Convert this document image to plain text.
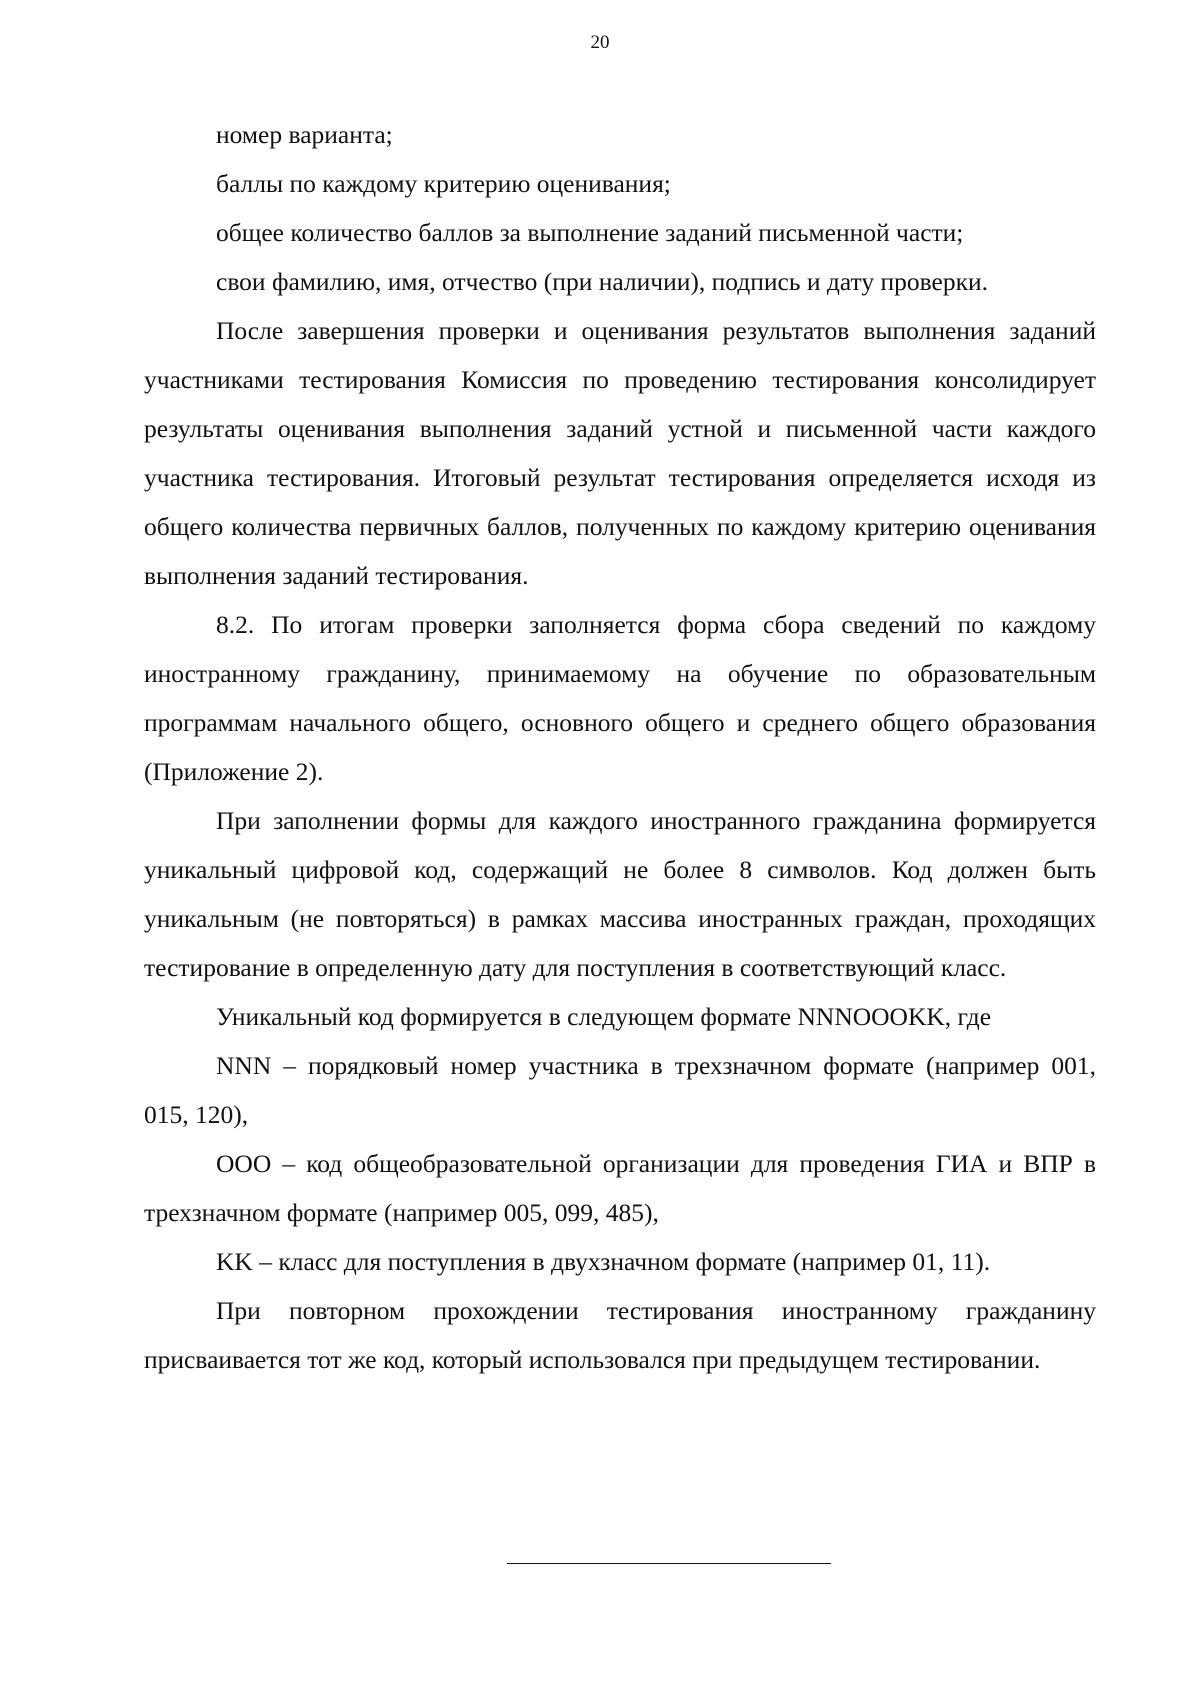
20

номер варианта;

баллы по каждому критерию оценивания;

общее количество баллов за выполнение заданий письменной части;

свои фамилию, имя, отчество (при наличии), подпись и дату проверки.

После завершения проверки и оценивания результатов выполнения заданий участниками тестирования Комиссия по проведению тестирования консолидирует результаты оценивания выполнения заданий устной и письменной части каждого участника тестирования. Итоговый результат тестирования определяется исходя из общего количества первичных баллов, полученных по каждому критерию оценивания выполнения заданий тестирования.

8.2. По итогам проверки заполняется форма сбора сведений по каждому иностранному гражданину, принимаемому на обучение по образовательным программам начального общего, основного общего и среднего общего образования (Приложение 2).

При заполнении формы для каждого иностранного гражданина формируется уникальный цифровой код, содержащий не более 8 символов. Код должен быть уникальным (не повторяться) в рамках массива иностранных граждан, проходящих тестирование в определенную дату для поступления в соответствующий класс.

Уникальный код формируется в следующем формате NNNOOOKK, где

NNN – порядковый номер участника в трехзначном формате (например 001, 015, 120),

OOO – код общеобразовательной организации для проведения ГИА и ВПР в трехзначном формате (например 005, 099, 485),

KK – класс для поступления в двухзначном формате (например 01, 11).

При повторном прохождении тестирования иностранному гражданину присваивается тот же код, который использовался при предыдущем тестировании.
